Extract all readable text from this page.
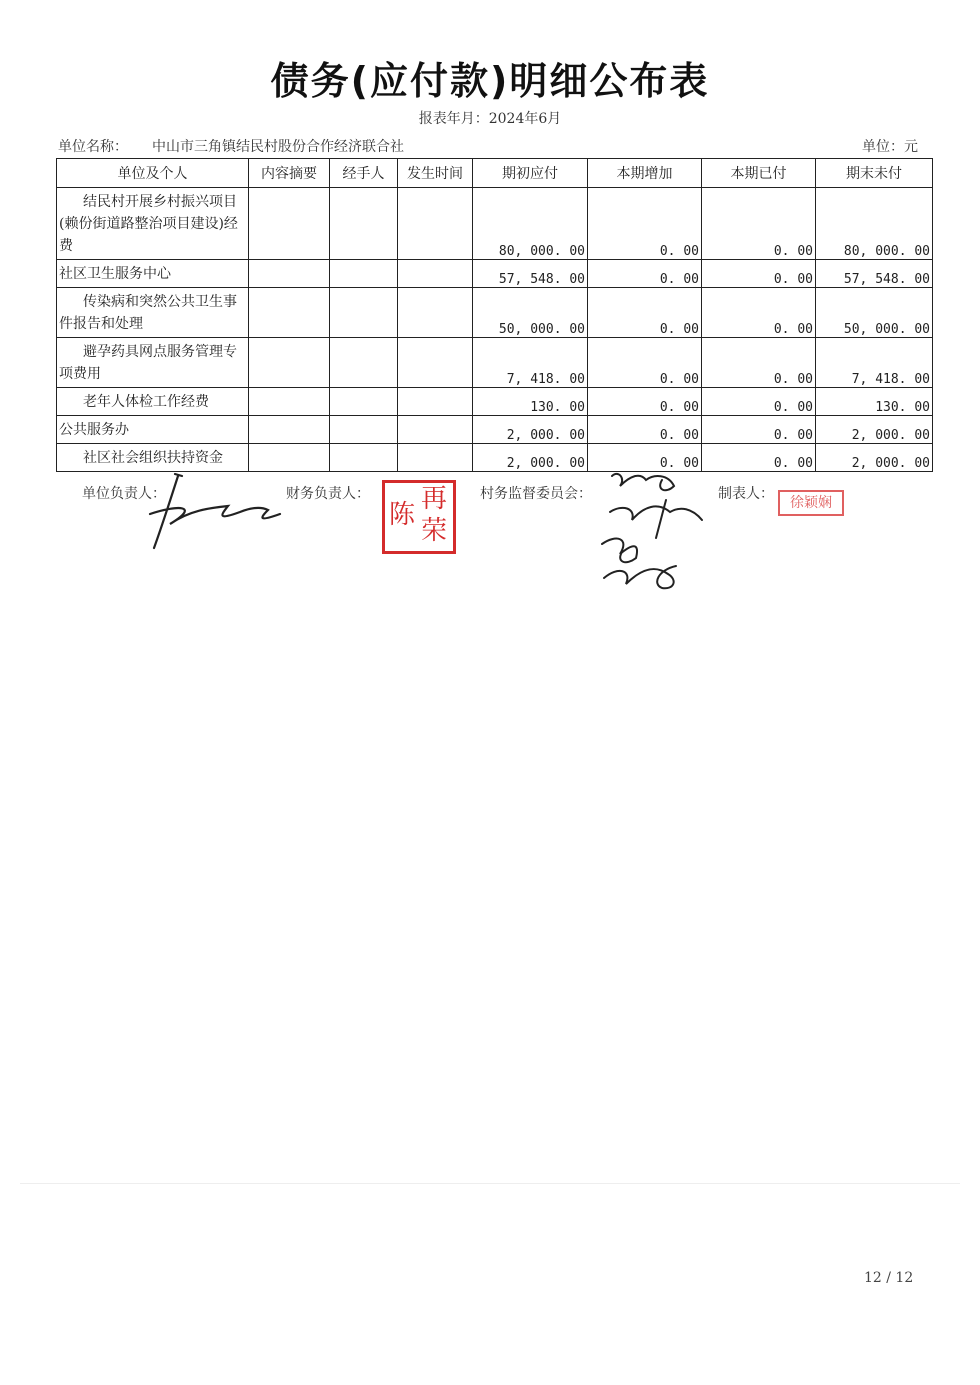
债务(应付款)明细公布表
报表年月：2024年6月
单位名称： 中山市三角镇结民村股份合作经济联合社	单位：元
单位及个人	内容摘要	经手人	发生时间	期初应付	本期增加	本期已付	期末未付
结民村开展乡村振兴项目(赖份街道路整治项目建设)经费				80, 000. 00	0. 00	0. 00	80, 000. 00
社区卫生服务中心				57, 548. 00	0. 00	0. 00	57, 548. 00
传染病和突然公共卫生事件报告和处理				50, 000. 00	0. 00	0. 00	50, 000. 00
避孕药具网点服务管理专项费用				7, 418. 00	0. 00	0. 00	7, 418. 00
老年人体检工作经费				130. 00	0. 00	0. 00	130. 00
公共服务办				2, 000. 00	0. 00	0. 00	2, 000. 00
社区社会组织扶持资金				2, 000. 00	0. 00	0. 00	2, 000. 00
单位负责人：	财务负责人： 再
荣
陈
村务监督委员会：	制表人：
徐颖娴
12 / 12
